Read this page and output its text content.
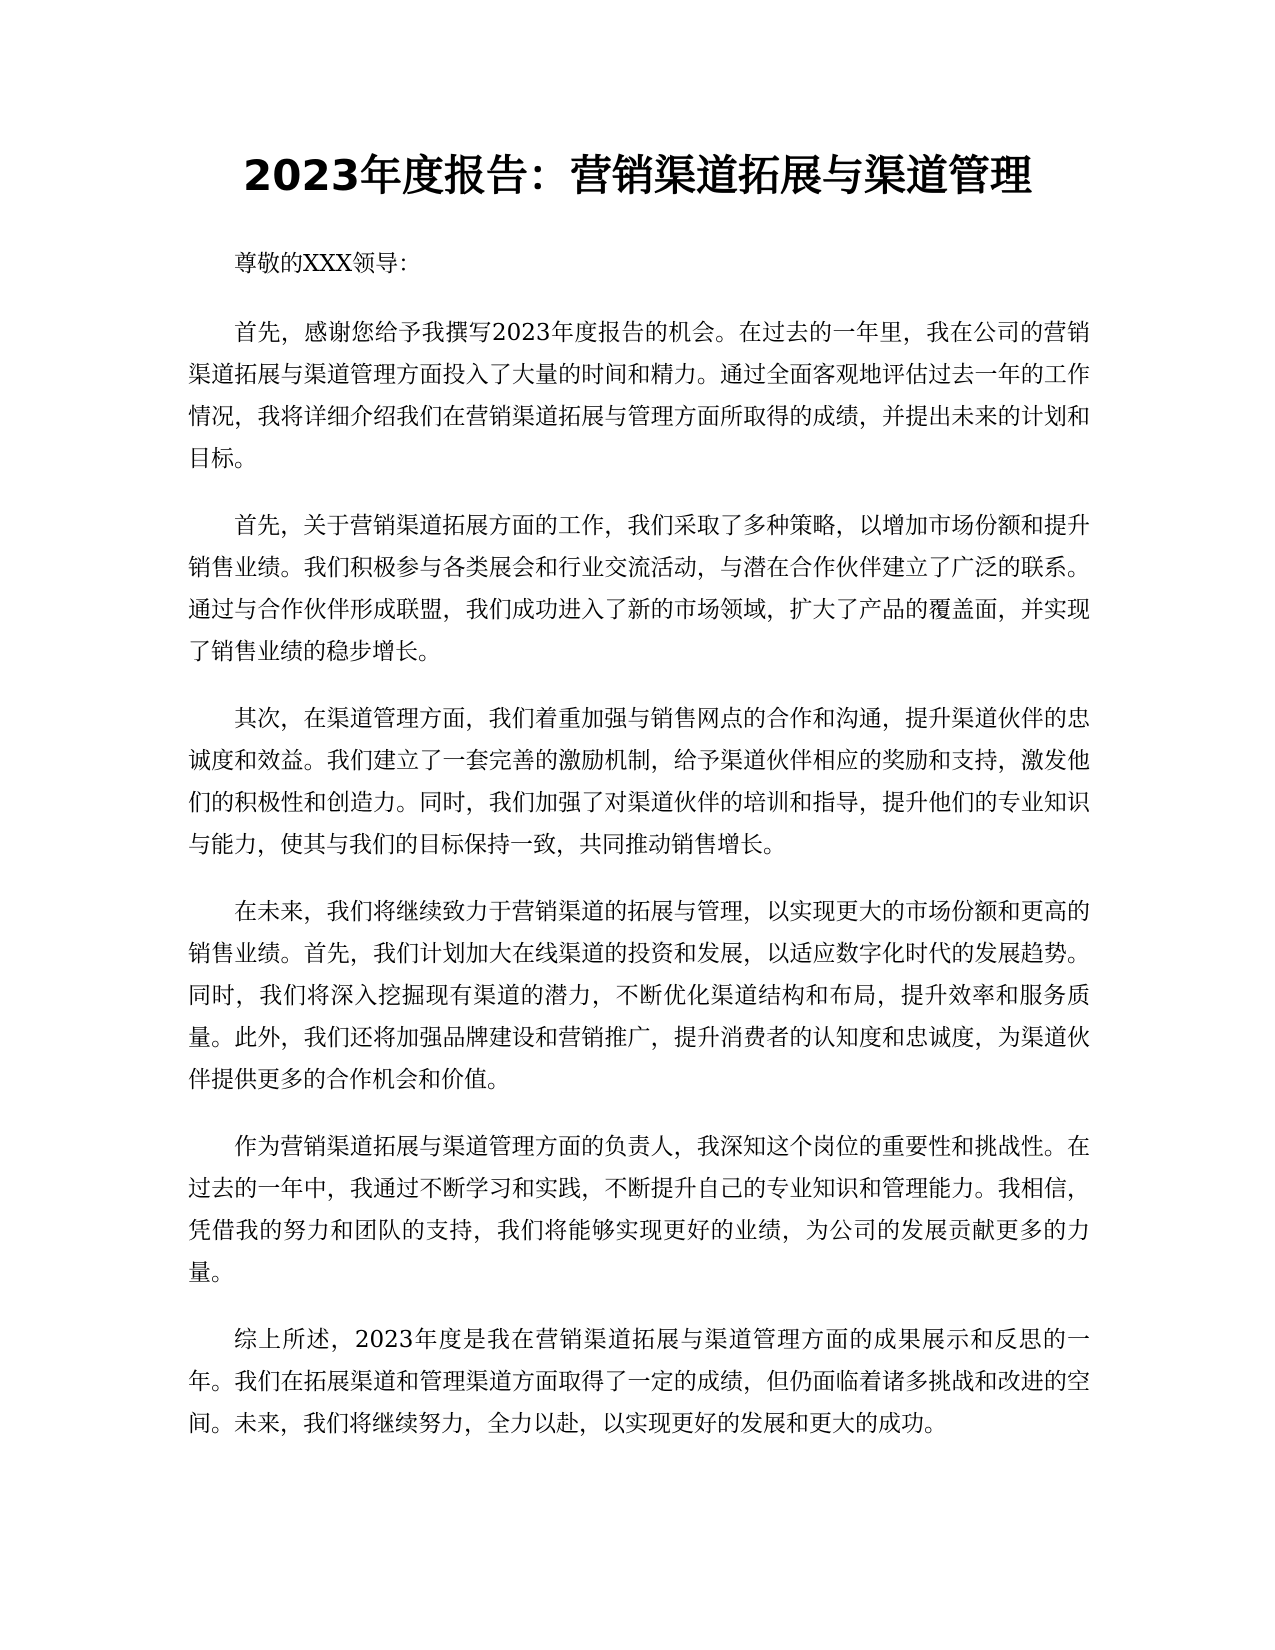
2023年度报告：营销渠道拓展与渠道管理

尊敬的XXX领导：

首先，感谢您给予我撰写2023年度报告的机会。在过去的一年里，我在公司的营销渠道拓展与渠道管理方面投入了大量的时间和精力。通过全面客观地评估过去一年的工作情况，我将详细介绍我们在营销渠道拓展与管理方面所取得的成绩，并提出未来的计划和目标。

首先，关于营销渠道拓展方面的工作，我们采取了多种策略，以增加市场份额和提升销售业绩。我们积极参与各类展会和行业交流活动，与潜在合作伙伴建立了广泛的联系。通过与合作伙伴形成联盟，我们成功进入了新的市场领域，扩大了产品的覆盖面，并实现了销售业绩的稳步增长。

其次，在渠道管理方面，我们着重加强与销售网点的合作和沟通，提升渠道伙伴的忠诚度和效益。我们建立了一套完善的激励机制，给予渠道伙伴相应的奖励和支持，激发他们的积极性和创造力。同时，我们加强了对渠道伙伴的培训和指导，提升他们的专业知识与能力，使其与我们的目标保持一致，共同推动销售增长。

在未来，我们将继续致力于营销渠道的拓展与管理，以实现更大的市场份额和更高的销售业绩。首先，我们计划加大在线渠道的投资和发展，以适应数字化时代的发展趋势。同时，我们将深入挖掘现有渠道的潜力，不断优化渠道结构和布局，提升效率和服务质量。此外，我们还将加强品牌建设和营销推广，提升消费者的认知度和忠诚度，为渠道伙伴提供更多的合作机会和价值。

作为营销渠道拓展与渠道管理方面的负责人，我深知这个岗位的重要性和挑战性。在过去的一年中，我通过不断学习和实践，不断提升自己的专业知识和管理能力。我相信，凭借我的努力和团队的支持，我们将能够实现更好的业绩，为公司的发展贡献更多的力量。

综上所述，2023年度是我在营销渠道拓展与渠道管理方面的成果展示和反思的一年。我们在拓展渠道和管理渠道方面取得了一定的成绩，但仍面临着诸多挑战和改进的空间。未来，我们将继续努力，全力以赴，以实现更好的发展和更大的成功。
